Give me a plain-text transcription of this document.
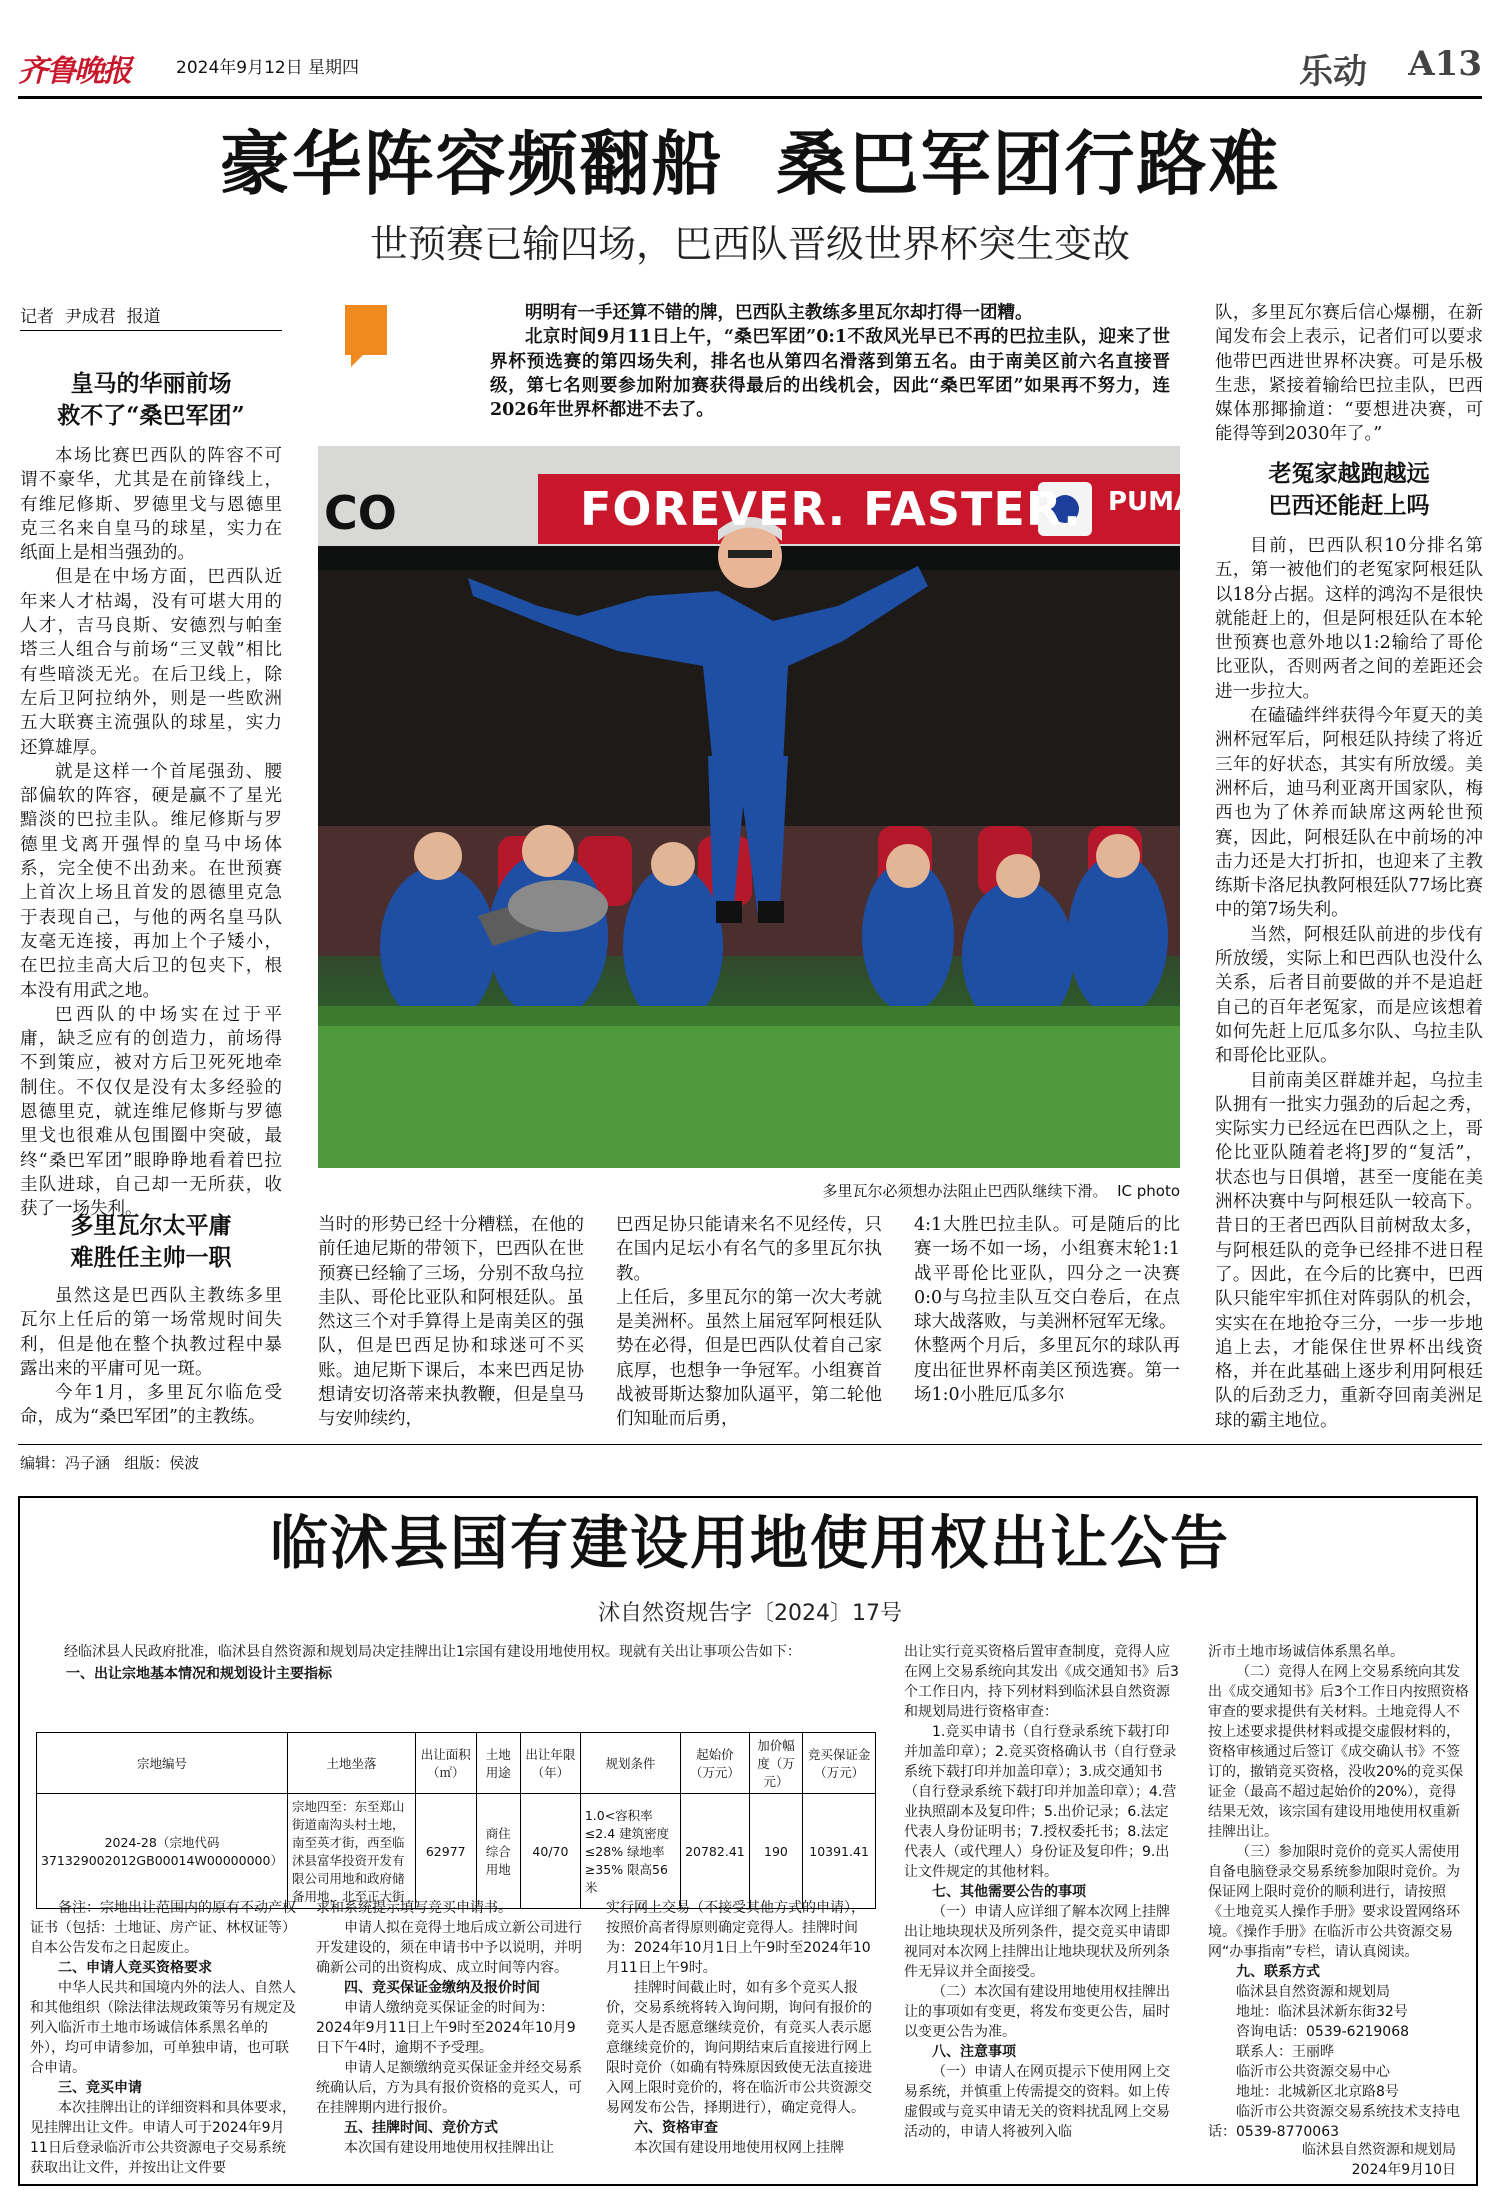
齐鲁晚报	2024年9月12日 星期四	乐动 A13
豪华阵容频翻船  桑巴军团行路难
世预赛已输四场，巴西队晋级世界杯突生变故
记者  尹成君  报道
皇马的华丽前场
救不了“桑巴军团”

本场比赛巴西队的阵容不可谓不豪华，尤其是在前锋线上，有维尼修斯、罗德里戈与恩德里克三名来自皇马的球星，实力在纸面上是相当强劲的。

但是在中场方面，巴西队近年来人才枯竭，没有可堪大用的人才，吉马良斯、安德烈与帕奎塔三人组合与前场“三叉戟”相比有些暗淡无光。在后卫线上，除左后卫阿拉纳外，则是一些欧洲五大联赛主流强队的球星，实力还算雄厚。

就是这样一个首尾强劲、腰部偏软的阵容，硬是赢不了星光黯淡的巴拉圭队。维尼修斯与罗德里戈离开强悍的皇马中场体系，完全使不出劲来。在世预赛上首次上场且首发的恩德里克急于表现自己，与他的两名皇马队友毫无连接，再加上个子矮小，在巴拉圭高大后卫的包夹下，根本没有用武之地。

巴西队的中场实在过于平庸，缺乏应有的创造力，前场得不到策应，被对方后卫死死地牵制住。不仅仅是没有太多经验的恩德里克，就连维尼修斯与罗德里戈也很难从包围圈中突破，最终“桑巴军团”眼睁睁地看着巴拉圭队进球，自己却一无所获，收获了一场失利。

多里瓦尔太平庸
难胜任主帅一职

虽然这是巴西队主教练多里瓦尔上任后的第一场常规时间失利，但是他在整个执教过程中暴露出来的平庸可见一斑。

今年1月，多里瓦尔临危受命，成为“桑巴军团”的主教练。

明明有一手还算不错的牌，巴西队主教练多里瓦尔却打得一团糟。

北京时间9月11日上午，“桑巴军团”0:1不敌风光早已不再的巴拉圭队，迎来了世界杯预选赛的第四场失利，排名也从第四名滑落到第五名。由于南美区前六名直接晋级，第七名则要参加附加赛获得最后的出线机会，因此“桑巴军团”如果再不努力，连2026年世界杯都进不去了。

FOREVER. FASTER.
CO	PUMA
多里瓦尔必须想办法阻止巴西队继续下滑。  IC photo

当时的形势已经十分糟糕，在他的前任迪尼斯的带领下，巴西队在世预赛已经输了三场，分别不敌乌拉圭队、哥伦比亚队和阿根廷队。虽然这三个对手算得上是南美区的强队，但是巴西足协和球迷可不买账。迪尼斯下课后，本来巴西足协想请安切洛蒂来执教鞭，但是皇马与安帅续约，

巴西足协只能请来名不见经传，只在国内足坛小有名气的多里瓦尔执教。
上任后，多里瓦尔的第一次大考就是美洲杯。虽然上届冠军阿根廷队势在必得，但是巴西队仗着自己家底厚，也想争一争冠军。小组赛首战被哥斯达黎加队逼平，第二轮他们知耻而后勇，

4:1大胜巴拉圭队。可是随后的比赛一场不如一场，小组赛末轮1:1战平哥伦比亚队，四分之一决赛0:0与乌拉圭队互交白卷后，在点球大战落败，与美洲杯冠军无缘。
休整两个月后，多里瓦尔的球队再度出征世界杯南美区预选赛。第一场1:0小胜厄瓜多尔

队，多里瓦尔赛后信心爆棚，在新闻发布会上表示，记者们可以要求他带巴西进世界杯决赛。可是乐极生悲，紧接着输给巴拉圭队，巴西媒体那揶揄道：“要想进决赛，可能得等到2030年了。”

老冤家越跑越远
巴西还能赶上吗

目前，巴西队积10分排名第五，第一被他们的老冤家阿根廷队以18分占据。这样的鸿沟不是很快就能赶上的，但是阿根廷队在本轮世预赛也意外地以1:2输给了哥伦比亚队，否则两者之间的差距还会进一步拉大。

在磕磕绊绊获得今年夏天的美洲杯冠军后，阿根廷队持续了将近三年的好状态，其实有所放缓。美洲杯后，迪马利亚离开国家队，梅西也为了休养而缺席这两轮世预赛，因此，阿根廷队在中前场的冲击力还是大打折扣，也迎来了主教练斯卡洛尼执教阿根廷队77场比赛中的第7场失利。

当然，阿根廷队前进的步伐有所放缓，实际上和巴西队也没什么关系，后者目前要做的并不是追赶自己的百年老冤家，而是应该想着如何先赶上厄瓜多尔队、乌拉圭队和哥伦比亚队。

目前南美区群雄并起，乌拉圭队拥有一批实力强劲的后起之秀，实际实力已经远在巴西队之上，哥伦比亚队随着老将J罗的“复活”，状态也与日俱增，甚至一度能在美洲杯决赛中与阿根廷队一较高下。昔日的王者巴西队目前树敌太多，与阿根廷队的竞争已经排不进日程了。因此，在今后的比赛中，巴西队只能牢牢抓住对阵弱队的机会，实实在在地抢夺三分，一步一步地追上去，才能保住世界杯出线资格，并在此基础上逐步利用阿根廷队的后劲乏力，重新夺回南美洲足球的霸主地位。

编辑：冯子涵   组版：侯波
临沭县国有建设用地使用权出让公告
沭自然资规告字〔2024〕17号

经临沭县人民政府批准，临沭县自然资源和规划局决定挂牌出让1宗国有建设用地使用权。现就有关出让事项公告如下：

一、出让宗地基本情况和规划设计主要指标

宗地编号	土地坐落	出让面积（㎡）	土地用途	出让年限（年）	规划条件	起始价（万元）	加价幅度（万元）	竞买保证金（万元）
2024-28（宗地代码371329002012GB00014W00000000）	宗地四至：东至郑山街道南沟头村土地，南至英才街，西至临沭县富华投资开发有限公司用地和政府储备用地，北至正大街	62977	商住综合用地	40/70	1.0<容积率≤2.4 建筑密度≤28% 绿地率≥35% 限高56米	20782.41	190	10391.41

备注：宗地出让范围内的原有不动产权证书（包括：土地证、房产证、林权证等）自本公告发布之日起废止。

二、申请人竞买资格要求

中华人民共和国境内外的法人、自然人和其他组织（除法律法规政策等另有规定及列入临沂市土地市场诚信体系黑名单的外），均可申请参加，可单独申请，也可联合申请。

三、竞买申请

本次挂牌出让的详细资料和具体要求，见挂牌出让文件。申请人可于2024年9月11日后登录临沂市公共资源电子交易系统获取出让文件，并按出让文件要

求和系统提示填写竞买申请书。

申请人拟在竞得土地后成立新公司进行开发建设的，须在申请书中予以说明，并明确新公司的出资构成、成立时间等内容。

四、竞买保证金缴纳及报价时间

申请人缴纳竞买保证金的时间为：2024年9月11日上午9时至2024年10月9日下午4时，逾期不予受理。

申请人足额缴纳竞买保证金并经交易系统确认后，方为具有报价资格的竞买人，可在挂牌期内进行报价。

五、挂牌时间、竞价方式

本次国有建设用地使用权挂牌出让

实行网上交易（不接受其他方式的申请），按照价高者得原则确定竞得人。挂牌时间为：2024年10月1日上午9时至2024年10月11日上午9时。

挂牌时间截止时，如有多个竞买人报价，交易系统将转入询问期，询问有报价的竞买人是否愿意继续竞价，有竞买人表示愿意继续竞价的，询问期结束后直接进行网上限时竞价（如确有特殊原因致使无法直接进入网上限时竞价的，将在临沂市公共资源交易网发布公告，择期进行），确定竞得人。

六、资格审查

本次国有建设用地使用权网上挂牌

出让实行竞买资格后置审查制度，竞得人应在网上交易系统向其发出《成交通知书》后3个工作日内，持下列材料到临沭县自然资源和规划局进行资格审查：

1.竞买申请书（自行登录系统下载打印并加盖印章）；2.竞买资格确认书（自行登录系统下载打印并加盖印章）；3.成交通知书（自行登录系统下载打印并加盖印章）；4.营业执照副本及复印件；5.出价记录；6.法定代表人身份证明书；7.授权委托书；8.法定代表人（或代理人）身份证及复印件；9.出让文件规定的其他材料。

七、其他需要公告的事项

（一）申请人应详细了解本次网上挂牌出让地块现状及所列条件，提交竞买申请即视同对本次网上挂牌出让地块现状及所列条件无异议并全面接受。

（二）本次国有建设用地使用权挂牌出让的事项如有变更，将发布变更公告，届时以变更公告为准。

八、注意事项

（一）申请人在网页提示下使用网上交易系统，并慎重上传需提交的资料。如上传虚假或与竞买申请无关的资料扰乱网上交易活动的，申请人将被列入临

沂市土地市场诚信体系黑名单。

（二）竞得人在网上交易系统向其发出《成交通知书》后3个工作日内按照资格审查的要求提供有关材料。土地竞得人不按上述要求提供材料或提交虚假材料的，资格审核通过后签订《成交确认书》不签订的，撤销竞买资格，没收20%的竞买保证金（最高不超过起始价的20%），竞得结果无效，该宗国有建设用地使用权重新挂牌出让。

（三）参加限时竞价的竞买人需使用自备电脑登录交易系统参加限时竞价。为保证网上限时竞价的顺利进行，请按照《土地竞买人操作手册》要求设置网络环境。《操作手册》在临沂市公共资源交易网“办事指南”专栏，请认真阅读。

九、联系方式

临沭县自然资源和规划局

地址：临沭县沭新东街32号

咨询电话：0539-6219068

联系人：王丽晔

临沂市公共资源交易中心

地址：北城新区北京路8号

临沂市公共资源交易系统技术支持电话：0539-8770063

临沭县自然资源和规划局
2024年9月10日
